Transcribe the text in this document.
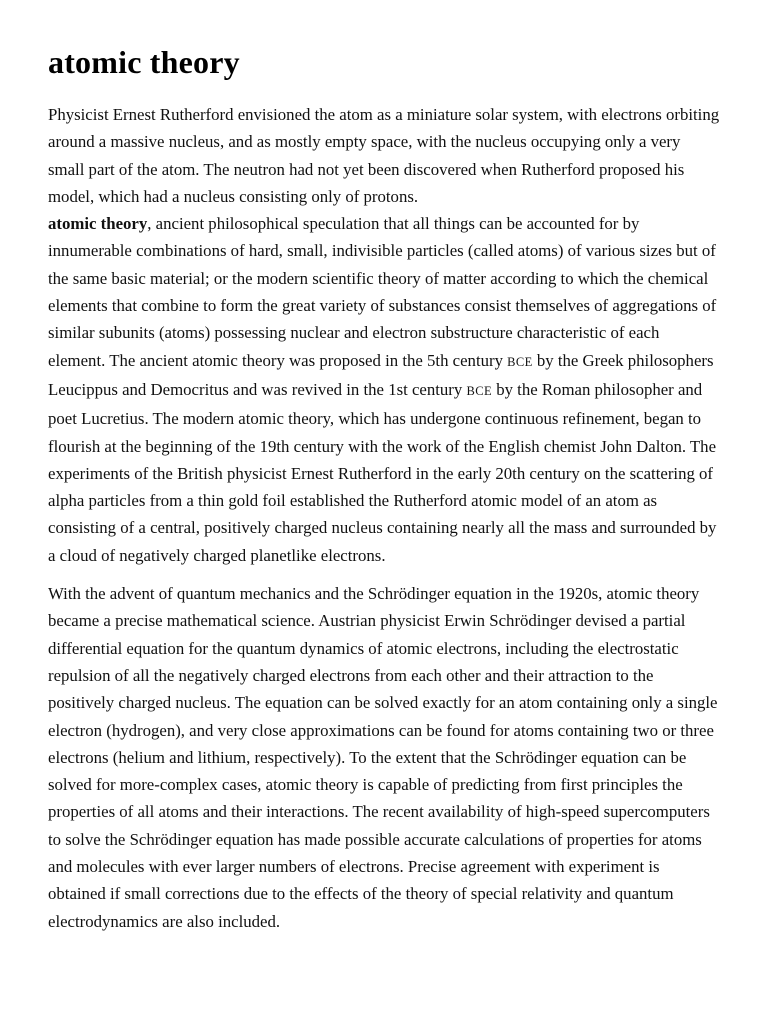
atomic theory

Physicist Ernest Rutherford envisioned the atom as a miniature solar system, with electrons orbiting around a massive nucleus, and as mostly empty space, with the nucleus occupying only a very small part of the atom. The neutron had not yet been discovered when Rutherford proposed his model, which had a nucleus consisting only of protons.

atomic theory, ancient philosophical speculation that all things can be accounted for by innumerable combinations of hard, small, indivisible particles (called atoms) of various sizes but of the same basic material; or the modern scientific theory of matter according to which the chemical elements that combine to form the great variety of substances consist themselves of aggregations of similar subunits (atoms) possessing nuclear and electron substructure characteristic of each element. The ancient atomic theory was proposed in the 5th century BCE by the Greek philosophers Leucippus and Democritus and was revived in the 1st century BCE by the Roman philosopher and poet Lucretius. The modern atomic theory, which has undergone continuous refinement, began to flourish at the beginning of the 19th century with the work of the English chemist John Dalton. The experiments of the British physicist Ernest Rutherford in the early 20th century on the scattering of alpha particles from a thin gold foil established the Rutherford atomic model of an atom as consisting of a central, positively charged nucleus containing nearly all the mass and surrounded by a cloud of negatively charged planetlike electrons.

With the advent of quantum mechanics and the Schrödinger equation in the 1920s, atomic theory became a precise mathematical science. Austrian physicist Erwin Schrödinger devised a partial differential equation for the quantum dynamics of atomic electrons, including the electrostatic repulsion of all the negatively charged electrons from each other and their attraction to the positively charged nucleus. The equation can be solved exactly for an atom containing only a single electron (hydrogen), and very close approximations can be found for atoms containing two or three electrons (helium and lithium, respectively). To the extent that the Schrödinger equation can be solved for more-complex cases, atomic theory is capable of predicting from first principles the properties of all atoms and their interactions. The recent availability of high-speed supercomputers to solve the Schrödinger equation has made possible accurate calculations of properties for atoms and molecules with ever larger numbers of electrons. Precise agreement with experiment is obtained if small corrections due to the effects of the theory of special relativity and quantum electrodynamics are also included.
